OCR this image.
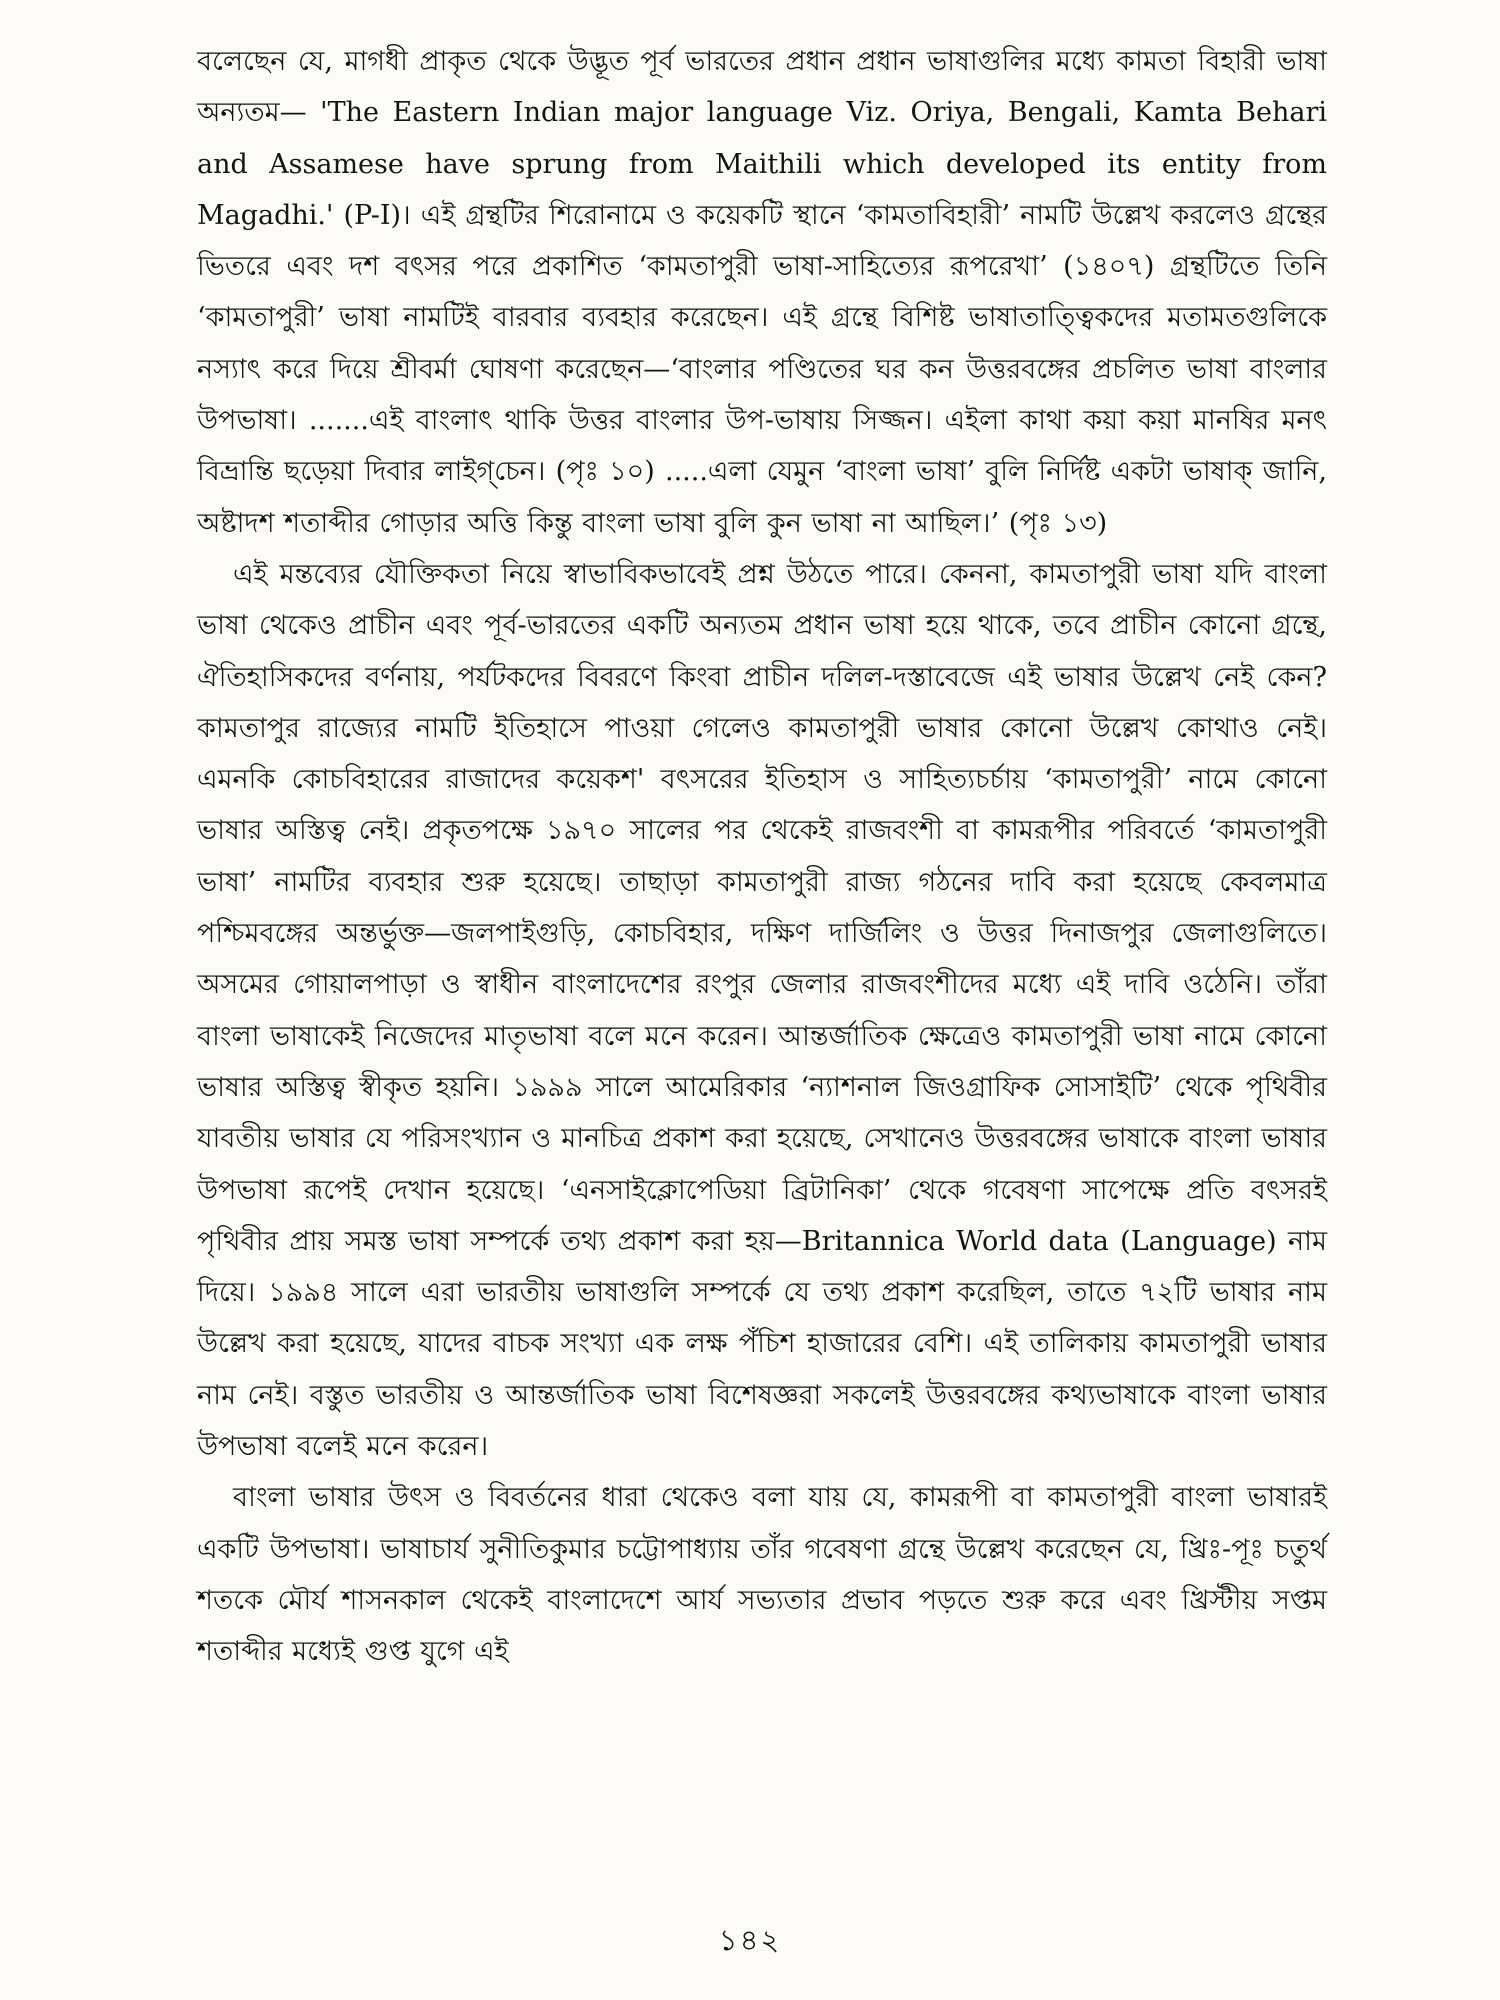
বলেছেন যে, মাগধী প্রাকৃত থেকে উদ্ভূত পূর্ব ভারতের প্রধান প্রধান ভাষাগুলির মধ্যে কামতা বিহারী ভাষা অন্যতম— 'The Eastern Indian major language Viz. Oriya, Bengali, Kamta Behari and Assamese have sprung from Maithili which developed its entity from Magadhi.' (P-I)। এই গ্রন্থটির শিরোনামে ও কয়েকটি স্থানে ‘কামতাবিহারী’ নামটি উল্লেখ করলেও গ্রন্থের ভিতরে এবং দশ বৎসর পরে প্রকাশিত ‘কামতাপুরী ভাষা-সাহিত্যের রূপরেখা’ (১৪০৭) গ্রন্থটিতে তিনি ‘কামতাপুরী’ ভাষা নামটিই বারবার ব্যবহার করেছেন। এই গ্রন্থে বিশিষ্ট ভাষাতাত্ত্বিকদের মতামতগুলিকে নস্যাৎ করে দিয়ে শ্রীবর্মা ঘোষণা করেছেন—‘বাংলার পণ্ডিতের ঘর কন উত্তরবঙ্গের প্রচলিত ভাষা বাংলার উপভাষা। .......এই বাংলাৎ থাকি উত্তর বাংলার উপ-ভাষায় সিজ্জন। এইলা কাথা কয়া কয়া মানষির মনৎ বিভ্রান্তি ছড়েয়া দিবার লাইগ্‌চেন। (পৃঃ ১০) .....এলা যেমুন ‘বাংলা ভাষা’ বুলি নির্দিষ্ট একটা ভাষাক্ জানি, অষ্টাদশ শতাব্দীর গোড়ার অত্তি কিন্তু বাংলা ভাষা বুলি কুন ভাষা না আছিল।’ (পৃঃ ১৩)

এই মন্তব্যের যৌক্তিকতা নিয়ে স্বাভাবিকভাবেই প্রশ্ন উঠতে পারে। কেননা, কামতাপুরী ভাষা যদি বাংলা ভাষা থেকেও প্রাচীন এবং পূর্ব-ভারতের একটি অন্যতম প্রধান ভাষা হয়ে থাকে, তবে প্রাচীন কোনো গ্রন্থে, ঐতিহাসিকদের বর্ণনায়, পর্যটকদের বিবরণে কিংবা প্রাচীন দলিল-দস্তাবেজে এই ভাষার উল্লেখ নেই কেন? কামতাপুর রাজ্যের নামটি ইতিহাসে পাওয়া গেলেও কামতাপুরী ভাষার কোনো উল্লেখ কোথাও নেই। এমনকি কোচবিহারের রাজাদের কয়েকশ' বৎসরের ইতিহাস ও সাহিত্যচর্চায় ‘কামতাপুরী’ নামে কোনো ভাষার অস্তিত্ব নেই। প্রকৃতপক্ষে ১৯৭০ সালের পর থেকেই রাজবংশী বা কামরূপীর পরিবর্তে ‘কামতাপুরী ভাষা’ নামটির ব্যবহার শুরু হয়েছে। তাছাড়া কামতাপুরী রাজ্য গঠনের দাবি করা হয়েছে কেবলমাত্র পশ্চিমবঙ্গের অন্তর্ভুক্ত—জলপাইগুড়ি, কোচবিহার, দক্ষিণ দার্জিলিং ও উত্তর দিনাজপুর জেলাগুলিতে। অসমের গোয়ালপাড়া ও স্বাধীন বাংলাদেশের রংপুর জেলার রাজবংশীদের মধ্যে এই দাবি ওঠেনি। তাঁরা বাংলা ভাষাকেই নিজেদের মাতৃভাষা বলে মনে করেন। আন্তর্জাতিক ক্ষেত্রেও কামতাপুরী ভাষা নামে কোনো ভাষার অস্তিত্ব স্বীকৃত হয়নি। ১৯৯৯ সালে আমেরিকার ‘ন্যাশনাল জিওগ্রাফিক সোসাইটি’ থেকে পৃথিবীর যাবতীয় ভাষার যে পরিসংখ্যান ও মানচিত্র প্রকাশ করা হয়েছে, সেখানেও উত্তরবঙ্গের ভাষাকে বাংলা ভাষার উপভাষা রূপেই দেখান হয়েছে। ‘এনসাইক্লোপেডিয়া ব্রিটানিকা’ থেকে গবেষণা সাপেক্ষে প্রতি বৎসরই পৃথিবীর প্রায় সমস্ত ভাষা সম্পর্কে তথ্য প্রকাশ করা হয়—Britannica World data (Language) নাম দিয়ে। ১৯৯৪ সালে এরা ভারতীয় ভাষাগুলি সম্পর্কে যে তথ্য প্রকাশ করেছিল, তাতে ৭২টি ভাষার নাম উল্লেখ করা হয়েছে, যাদের বাচক সংখ্যা এক লক্ষ পঁচিশ হাজারের বেশি। এই তালিকায় কামতাপুরী ভাষার নাম নেই। বস্তুত ভারতীয় ও আন্তর্জাতিক ভাষা বিশেষজ্ঞরা সকলেই উত্তরবঙ্গের কথ্যভাষাকে বাংলা ভাষার উপভাষা বলেই মনে করেন।

বাংলা ভাষার উৎস ও বিবর্তনের ধারা থেকেও বলা যায় যে, কামরূপী বা কামতাপুরী বাংলা ভাষারই একটি উপভাষা। ভাষাচার্য সুনীতিকুমার চট্টোপাধ্যায় তাঁর গবেষণা গ্রন্থে উল্লেখ করেছেন যে, খ্রিঃ-পূঃ চতুর্থ শতকে মৌর্য শাসনকাল থেকেই বাংলাদেশে আর্য সভ্যতার প্রভাব পড়তে শুরু করে এবং খ্রিস্টীয় সপ্তম শতাব্দীর মধ্যেই গুপ্ত যুগে এই

১৪২
